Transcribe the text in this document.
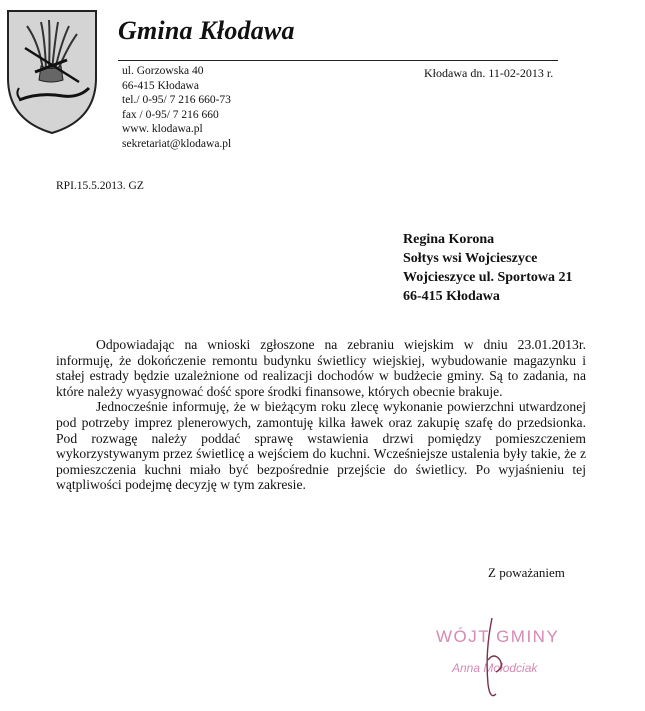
Gmina Kłodawa
ul. Gorzowska 40
66-415 Kłodawa
tel./ 0-95/ 7 216 660-73
fax / 0-95/ 7 216 660
www. klodawa.pl
sekretariat@klodawa.pl
Kłodawa dn. 11-02-2013 r.
RPI.15.5.2013. GZ
Regina Korona
Sołtys wsi Wojcieszyce
Wojcieszyce ul. Sportowa 21
66-415 Kłodawa

Odpowiadając na wnioski zgłoszone na zebraniu wiejskim w dniu 23.01.2013r. informuję, że dokończenie remontu budynku świetlicy wiejskiej, wybudowanie magazynku i stałej estrady będzie uzależnione od realizacji dochodów w budżecie gminy. Są to zadania, na które należy wyasygnować dość spore środki finansowe, których obecnie brakuje.

Jednocześnie informuję, że w bieżącym roku zlecę wykonanie powierzchni utwardzonej pod potrzeby imprez plenerowych, zamontuję kilka ławek oraz zakupię szafę do przedsionka. Pod rozwagę należy poddać sprawę wstawienia drzwi pomiędzy pomieszczeniem wykorzystywanym przez świetlicę a wejściem do kuchni. Wcześniejsze ustalenia były takie, że z pomieszczenia kuchni miało być bezpośrednie przejście do świetlicy. Po wyjaśnieniu tej wątpliwości podejmę decyzję w tym zakresie.

Z poważaniem
WÓJT GMINY
Anna Mołodciak
